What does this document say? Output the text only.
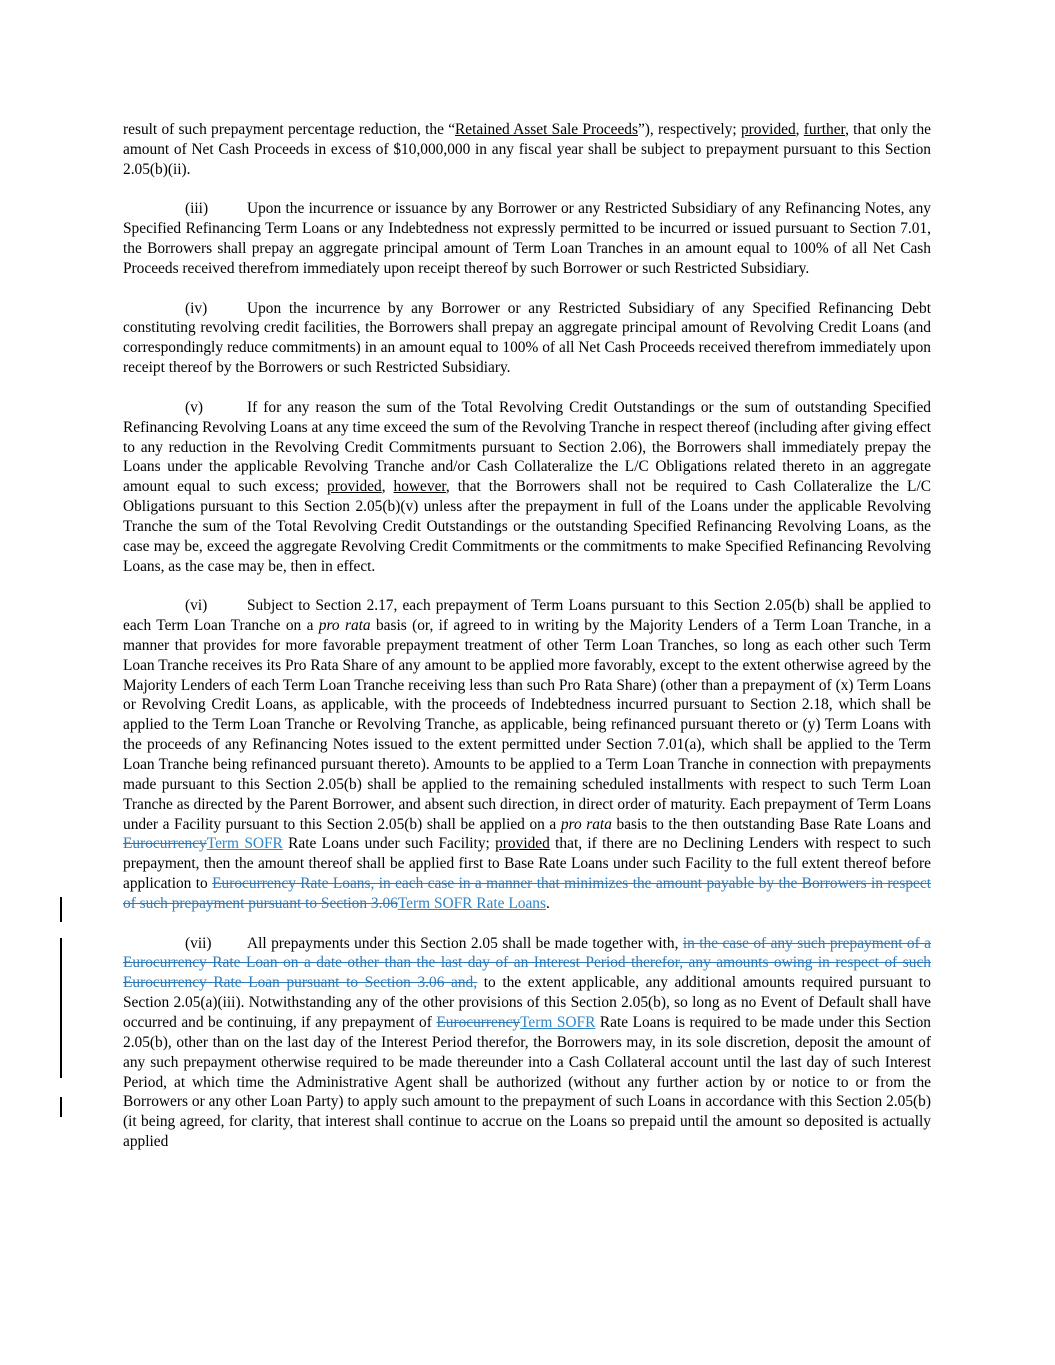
result of such prepayment percentage reduction, the “Retained Asset Sale Proceeds”), respectively; provided, further, that only the amount of Net Cash Proceeds in excess of $10,000,000 in any fiscal year shall be subject to prepayment pursuant to this Section 2.05(b)(ii).

(iii)	Upon the incurrence or issuance by any Borrower or any Restricted Subsidiary of any Refinancing Notes, any Specified Refinancing Term Loans or any Indebtedness not expressly permitted to be incurred or issued pursuant to Section 7.01, the Borrowers shall prepay an aggregate principal amount of Term Loan Tranches in an amount equal to 100% of all Net Cash Proceeds received therefrom immediately upon receipt thereof by such Borrower or such Restricted Subsidiary.

(iv)	Upon the incurrence by any Borrower or any Restricted Subsidiary of any Specified Refinancing Debt constituting revolving credit facilities, the Borrowers shall prepay an aggregate principal amount of Revolving Credit Loans (and correspondingly reduce commitments) in an amount equal to 100% of all Net Cash Proceeds received therefrom immediately upon receipt thereof by the Borrowers or such Restricted Subsidiary.

(v)	If for any reason the sum of the Total Revolving Credit Outstandings or the sum of outstanding Specified Refinancing Revolving Loans at any time exceed the sum of the Revolving Tranche in respect thereof (including after giving effect to any reduction in the Revolving Credit Commitments pursuant to Section 2.06), the Borrowers shall immediately prepay the Loans under the applicable Revolving Tranche and/or Cash Collateralize the L/C Obligations related thereto in an aggregate amount equal to such excess; provided, however, that the Borrowers shall not be required to Cash Collateralize the L/C Obligations pursuant to this Section 2.05(b)(v) unless after the prepayment in full of the Loans under the applicable Revolving Tranche the sum of the Total Revolving Credit Outstandings or the outstanding Specified Refinancing Revolving Loans, as the case may be, exceed the aggregate Revolving Credit Commitments or the commitments to make Specified Refinancing Revolving Loans, as the case may be, then in effect.

(vi)	Subject to Section 2.17, each prepayment of Term Loans pursuant to this Section 2.05(b) shall be applied to each Term Loan Tranche on a pro rata basis (or, if agreed to in writing by the Majority Lenders of a Term Loan Tranche, in a manner that provides for more favorable prepayment treatment of other Term Loan Tranches, so long as each other such Term Loan Tranche receives its Pro Rata Share of any amount to be applied more favorably, except to the extent otherwise agreed by the Majority Lenders of each Term Loan Tranche receiving less than such Pro Rata Share) (other than a prepayment of (x) Term Loans or Revolving Credit Loans, as applicable, with the proceeds of Indebtedness incurred pursuant to Section 2.18, which shall be applied to the Term Loan Tranche or Revolving Tranche, as applicable, being refinanced pursuant thereto or (y) Term Loans with the proceeds of any Refinancing Notes issued to the extent permitted under Section 7.01(a), which shall be applied to the Term Loan Tranche being refinanced pursuant thereto). Amounts to be applied to a Term Loan Tranche in connection with prepayments made pursuant to this Section 2.05(b) shall be applied to the remaining scheduled installments with respect to such Term Loan Tranche as directed by the Parent Borrower, and absent such direction, in direct order of maturity. Each prepayment of Term Loans under a Facility pursuant to this Section 2.05(b) shall be applied on a pro rata basis to the then outstanding Base Rate Loans and EurocurrencyTerm SOFR Rate Loans under such Facility; provided that, if there are no Declining Lenders with respect to such prepayment, then the amount thereof shall be applied first to Base Rate Loans under such Facility to the full extent thereof before application to Eurocurrency Rate Loans, in each case in a manner that minimizes the amount payable by the Borrowers in respect of such prepayment pursuant to Section 3.06Term SOFR Rate Loans.

(vii) All prepayments under this Section 2.05 shall be made together with, in the case of any such prepayment of a Eurocurrency Rate Loan on a date other than the last day of an Interest Period therefor, any amounts owing in respect of such Eurocurrency Rate Loan pursuant to Section 3.06 and, to the extent applicable, any additional amounts required pursuant to Section 2.05(a)(iii). Notwithstanding any of the other provisions of this Section 2.05(b), so long as no Event of Default shall have occurred and be continuing, if any prepayment of EurocurrencyTerm SOFR Rate Loans is required to be made under this Section 2.05(b), other than on the last day of the Interest Period therefor, the Borrowers may, in its sole discretion, deposit the amount of any such prepayment otherwise required to be made thereunder into a Cash Collateral account until the last day of such Interest Period, at which time the Administrative Agent shall be authorized (without any further action by or notice to or from the Borrowers or any other Loan Party) to apply such amount to the prepayment of such Loans in accordance with this Section 2.05(b) (it being agreed, for clarity, that interest shall continue to accrue on the Loans so prepaid until the amount so deposited is actually applied
